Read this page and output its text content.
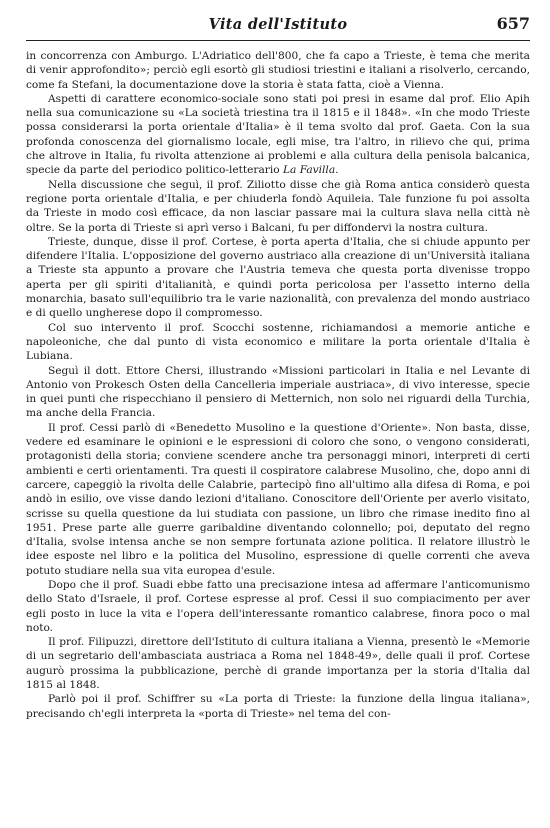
Vita dell'Istituto	657

in concorrenza con Amburgo. L'Adriatico dell'800, che fa capo a Trieste, è tema che merita di venir approfondito»; perciò egli esortò gli studiosi triestini e italiani a risolverlo, cercando, come fa Stefani, la documentazione dove la storia è stata fatta, cioè a Vienna.

Aspetti di carattere economico-sociale sono stati poi presi in esame dal prof. Elio Apih nella sua comunicazione su «La società triestina tra il 1815 e il 1848». «In che modo Trieste possa considerarsi la porta orientale d'Italia» è il tema svolto dal prof. Gaeta. Con la sua profonda conoscenza del giornalismo locale, egli mise, tra l'altro, in rilievo che qui, prima che altrove in Italia, fu rivolta attenzione ai problemi e alla cultura della penisola balcanica, specie da parte del periodico politico-letterario La Favilla.

Nella discussione che seguì, il prof. Ziliotto disse che già Roma antica considerò questa regione porta orientale d'Italia, e per chiuderla fondò Aquileia. Tale funzione fu poi assolta da Trieste in modo così efficace, da non lasciar passare mai la cultura slava nella città nè oltre. Se la porta di Trieste si aprì verso i Balcani, fu per diffondervi la nostra cultura.

Trieste, dunque, disse il prof. Cortese, è porta aperta d'Italia, che si chiude appunto per difendere l'Italia. L'opposizione del governo austriaco alla creazione di un'Università italiana a Trieste sta appunto a provare che l'Austria temeva che questa porta divenisse troppo aperta per gli spiriti d'italianità, e quindi porta pericolosa per l'assetto interno della monarchia, basato sull'equilibrio tra le varie nazionalità, con prevalenza del mondo austriaco e di quello ungherese dopo il compromesso.

Col suo intervento il prof. Scocchi sostenne, richiamandosi a memorie antiche e napoleoniche, che dal punto di vista economico e militare la porta orientale d'Italia è Lubiana.

Seguì il dott. Ettore Chersi, illustrando «Missioni particolari in Italia e nel Levante di Antonio von Prokesch Osten della Cancelleria imperiale austriaca», di vivo interesse, specie in quei punti che rispecchiano il pensiero di Metternich, non solo nei riguardi della Turchia, ma anche della Francia.

Il prof. Cessi parlò di «Benedetto Musolino e la questione d'Oriente». Non basta, disse, vedere ed esaminare le opinioni e le espressioni di coloro che sono, o vengono considerati, protagonisti della storia; conviene scendere anche tra personaggi minori, interpreti di certi ambienti e certi orientamenti. Tra questi il cospiratore calabrese Musolino, che, dopo anni di carcere, capeggiò la rivolta delle Calabrie, partecipò fino all'ultimo alla difesa di Roma, e poi andò in esilio, ove visse dando lezioni d'italiano. Conoscitore dell'Oriente per averlo visitato, scrisse su quella questione da lui studiata con passione, un libro che rimase inedito fino al 1951. Prese parte alle guerre garibaldine diventando colonnello; poi, deputato del regno d'Italia, svolse intensa anche se non sempre fortunata azione politica. Il relatore illustrò le idee esposte nel libro e la politica del Musolino, espressione di quelle correnti che aveva potuto studiare nella sua vita europea d'esule.

Dopo che il prof. Suadi ebbe fatto una precisazione intesa ad affermare l'anticomunismo dello Stato d'Israele, il prof. Cortese espresse al prof. Cessi il suo compiacimento per aver egli posto in luce la vita e l'opera dell'interessante romantico calabrese, finora poco o mal noto.

Il prof. Filipuzzi, direttore dell'Istituto di cultura italiana a Vienna, presentò le «Memorie di un segretario dell'ambasciata austriaca a Roma nel 1848-49», delle quali il prof. Cortese augurò prossima la pubblicazione, perchè di grande importanza per la storia d'Italia dal 1815 al 1848.

Parlò poi il prof. Schiffrer su «La porta di Trieste: la funzione della lingua italiana», precisando ch'egli interpreta la «porta di Trieste» nel tema del con-
